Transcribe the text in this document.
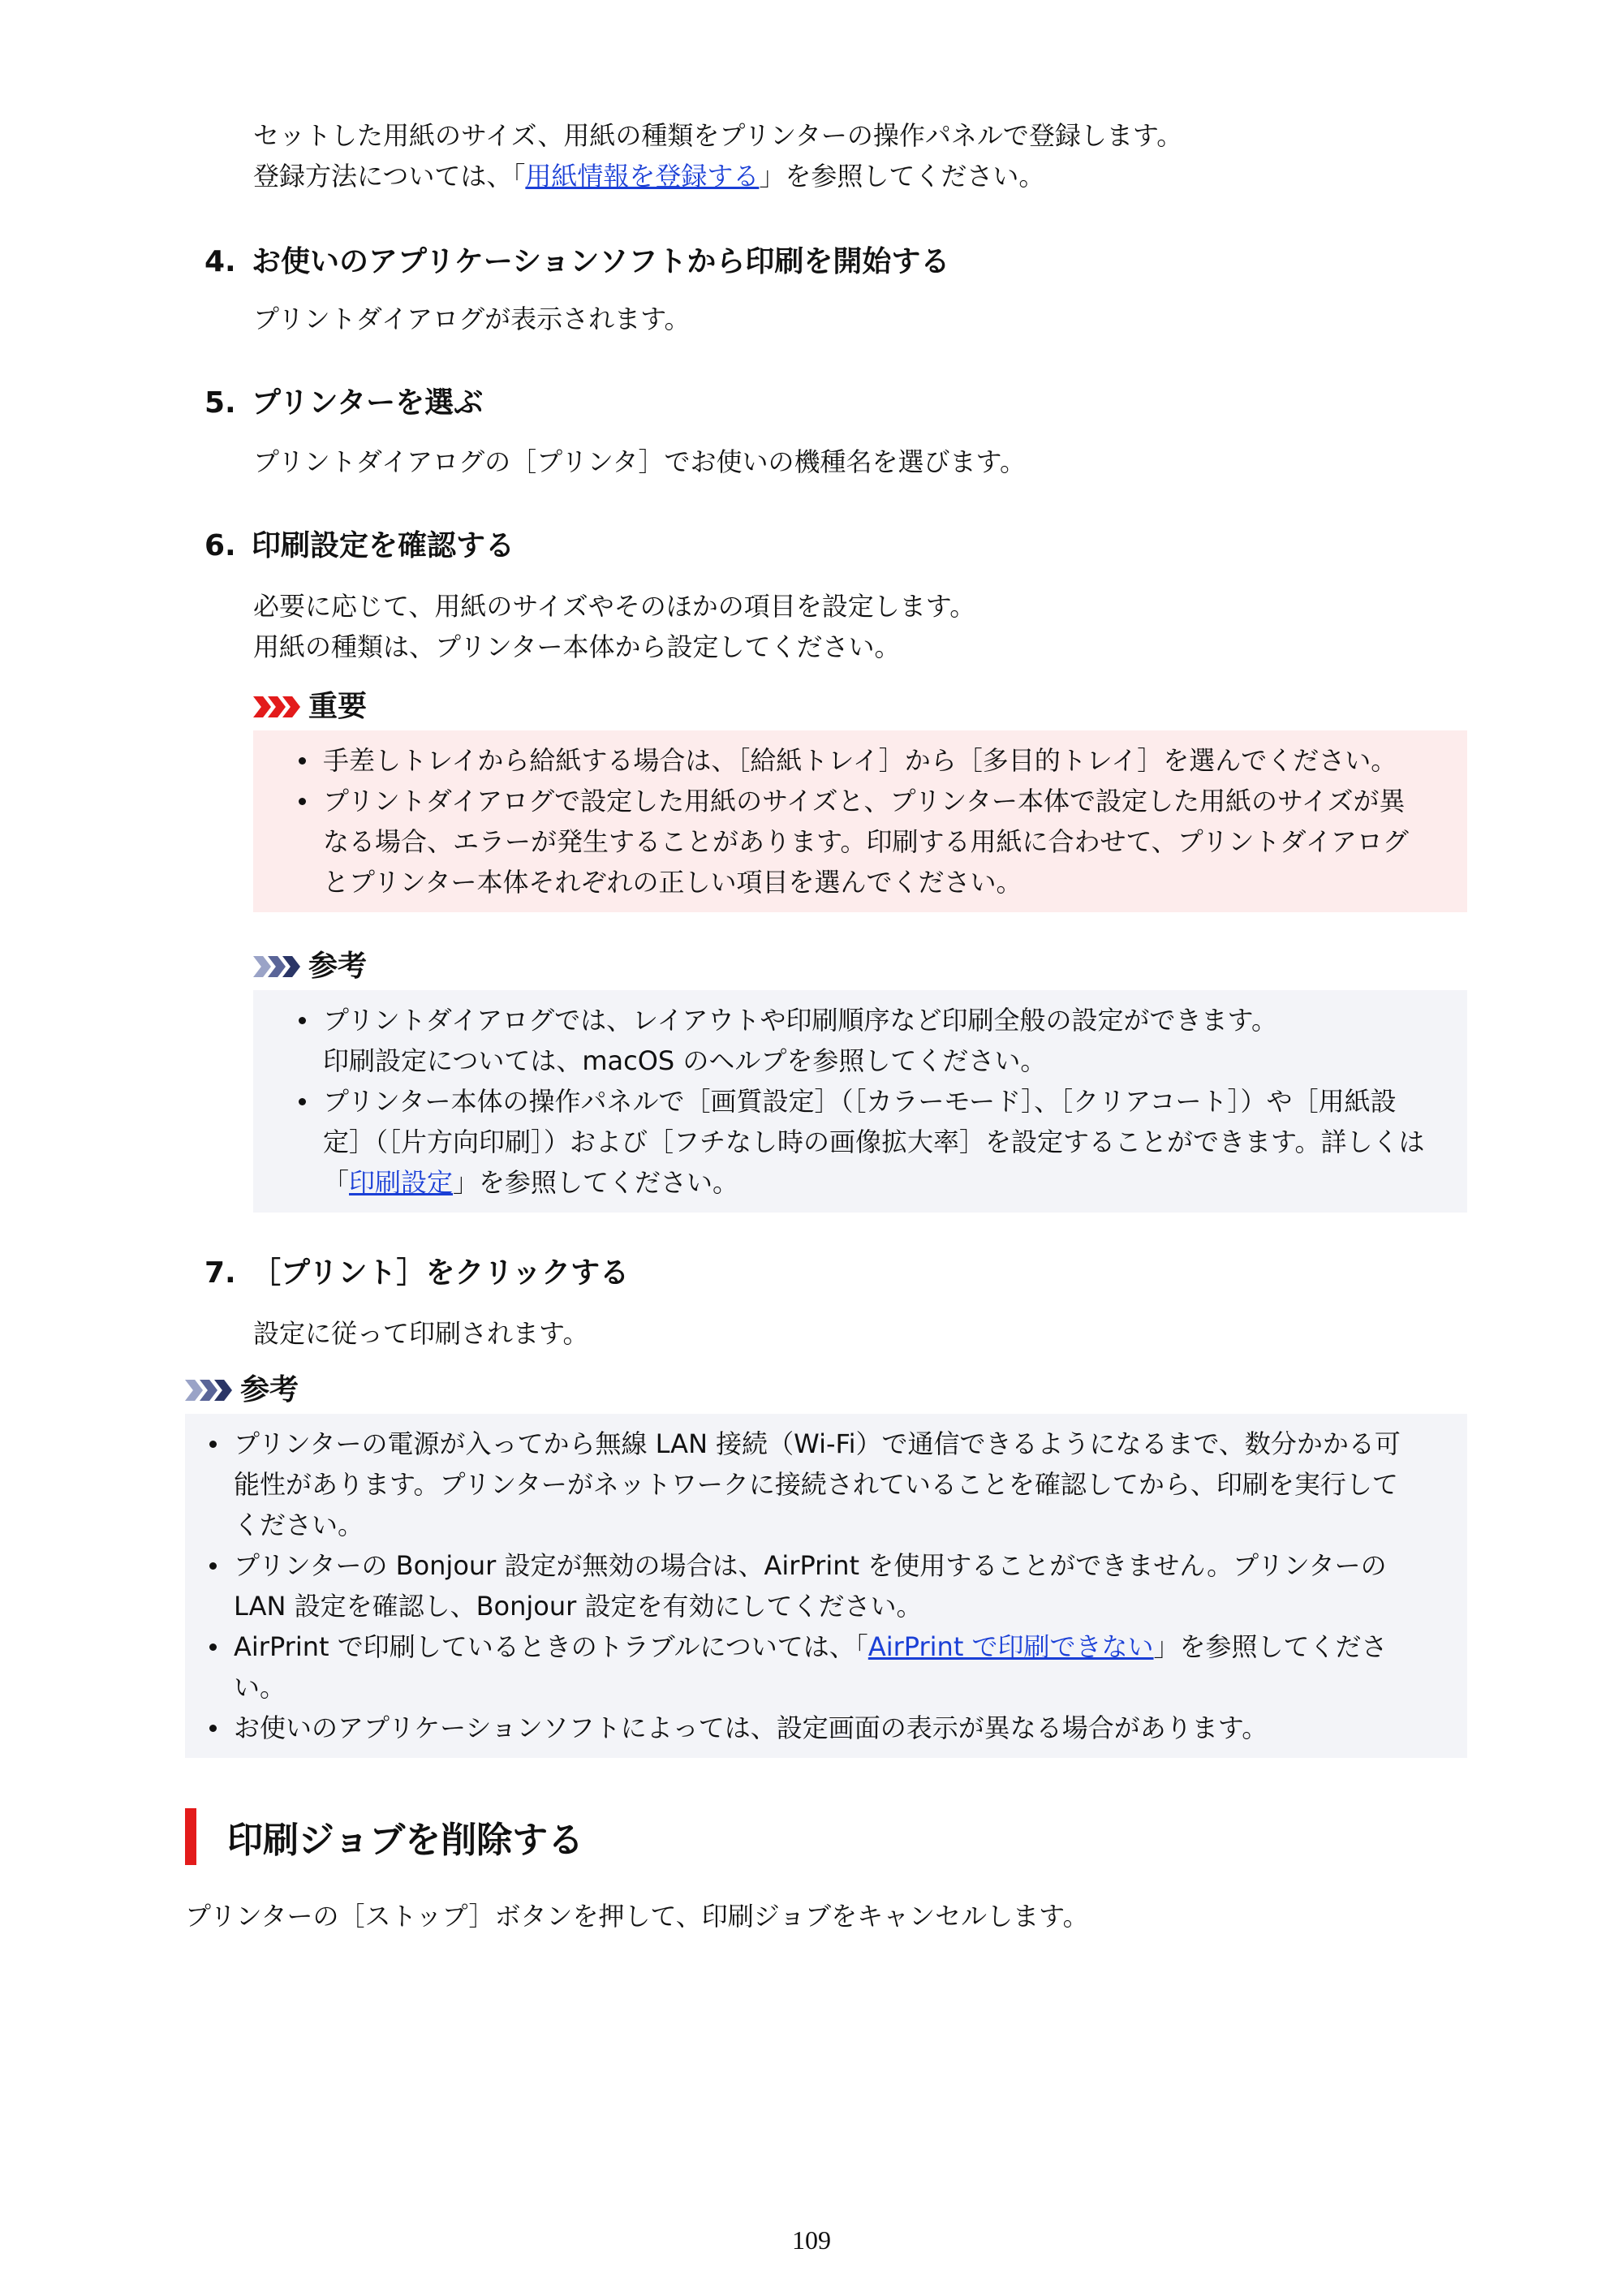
セットした用紙のサイズ、用紙の種類をプリンターの操作パネルで登録します。

登録方法については、「用紙情報を登録する」を参照してください。

4. お使いのアプリケーションソフトから印刷を開始する

プリントダイアログが表示されます。

5. プリンターを選ぶ

プリントダイアログの［プリンタ］でお使いの機種名を選びます。

6. 印刷設定を確認する

必要に応じて、用紙のサイズやそのほかの項目を設定します。

用紙の種類は、プリンター本体から設定してください。

重要
手差しトレイから給紙する場合は、［給紙トレイ］から［多目的トレイ］を選んでください。
プリントダイアログで設定した用紙のサイズと、プリンター本体で設定した用紙のサイズが異
なる場合、エラーが発生することがあります。印刷する用紙に合わせて、プリントダイアログ
とプリンター本体それぞれの正しい項目を選んでください。
参考
プリントダイアログでは、レイアウトや印刷順序など印刷全般の設定ができます。
印刷設定については、macOS のヘルプを参照してください。
プリンター本体の操作パネルで［画質設定］（［カラーモード］、［クリアコート］）や［用紙設
定］（［片方向印刷］）および［フチなし時の画像拡大率］を設定することができます。詳しくは
「印刷設定」を参照してください。
7. ［プリント］をクリックする

設定に従って印刷されます。

参考
プリンターの電源が入ってから無線 LAN 接続（Wi-Fi）で通信できるようになるまで、数分かかる可
能性があります。プリンターがネットワークに接続されていることを確認してから、印刷を実行して
ください。
プリンターの Bonjour 設定が無効の場合は、AirPrint を使用することができません。プリンターの
LAN 設定を確認し、Bonjour 設定を有効にしてください。
AirPrint で印刷しているときのトラブルについては、「AirPrint で印刷できない」を参照してくださ
い。
お使いのアプリケーションソフトによっては、設定画面の表示が異なる場合があります。
印刷ジョブを削除する

プリンターの［ストップ］ボタンを押して、印刷ジョブをキャンセルします。

109
